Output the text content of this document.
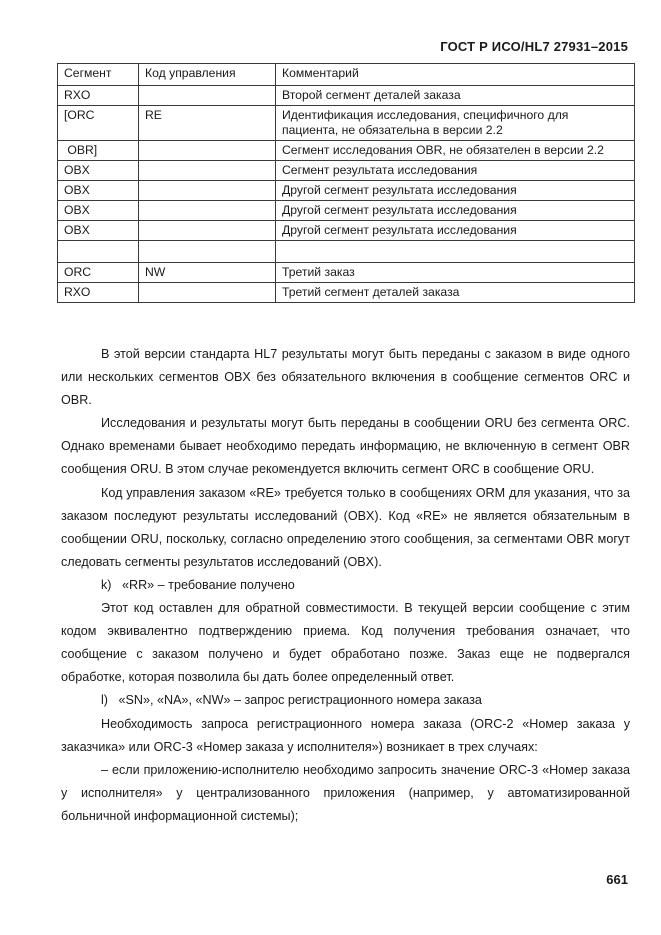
ГОСТ Р ИСО/HL7 27931–2015
Сегмент	Код управления	Комментарий
RXO		Второй сегмент деталей заказа
[ORC	RE	Идентификация исследования, специфичного для пациента, не обязательна в версии 2.2
OBR]		Сегмент исследования OBR, не обязателен в версии 2.2
OBX		Сегмент результата исследования
OBX		Другой сегмент результата исследования
OBX		Другой сегмент результата исследования
OBX		Другой сегмент результата исследования

ORC	NW	Третий заказ
RXO		Третий сегмент деталей заказа

В этой версии стандарта HL7 результаты могут быть переданы с заказом в виде одного или нескольких сегментов OBX без обязательного включения в сообщение сегментов ORC и OBR.

Исследования и результаты могут быть переданы в сообщении ORU без сегмента ORC. Однако временами бывает необходимо передать информацию, не включенную в сегмент OBR сообщения ORU. В этом случае рекомендуется включить сегмент ORC в сообщение ORU.

Код управления заказом «RE» требуется только в сообщениях ORM для указания, что за заказом последуют результаты исследований (OBX). Код «RE» не является обязательным в сообщении ORU, поскольку, согласно определению этого сообщения, за сегментами OBR могут следовать сегменты результатов исследований (OBX).

k)   «RR» – требование получено

Этот код оставлен для обратной совместимости. В текущей версии сообщение с этим кодом эквивалентно подтверждению приема. Код получения требования означает, что сообщение с заказом получено и будет обработано позже. Заказ еще не подвергался обработке, которая позволила бы дать более определенный ответ.

l)   «SN», «NA», «NW» – запрос регистрационного номера заказа

Необходимость запроса регистрационного номера заказа (ORC-2 «Номер заказа у заказчика» или ORC-3 «Номер заказа у исполнителя») возникает в трех случаях:

– если приложению-исполнителю необходимо запросить значение ORC-3 «Номер заказа у исполнителя» у централизованного приложения (например, у автоматизированной больничной информационной системы);

661
